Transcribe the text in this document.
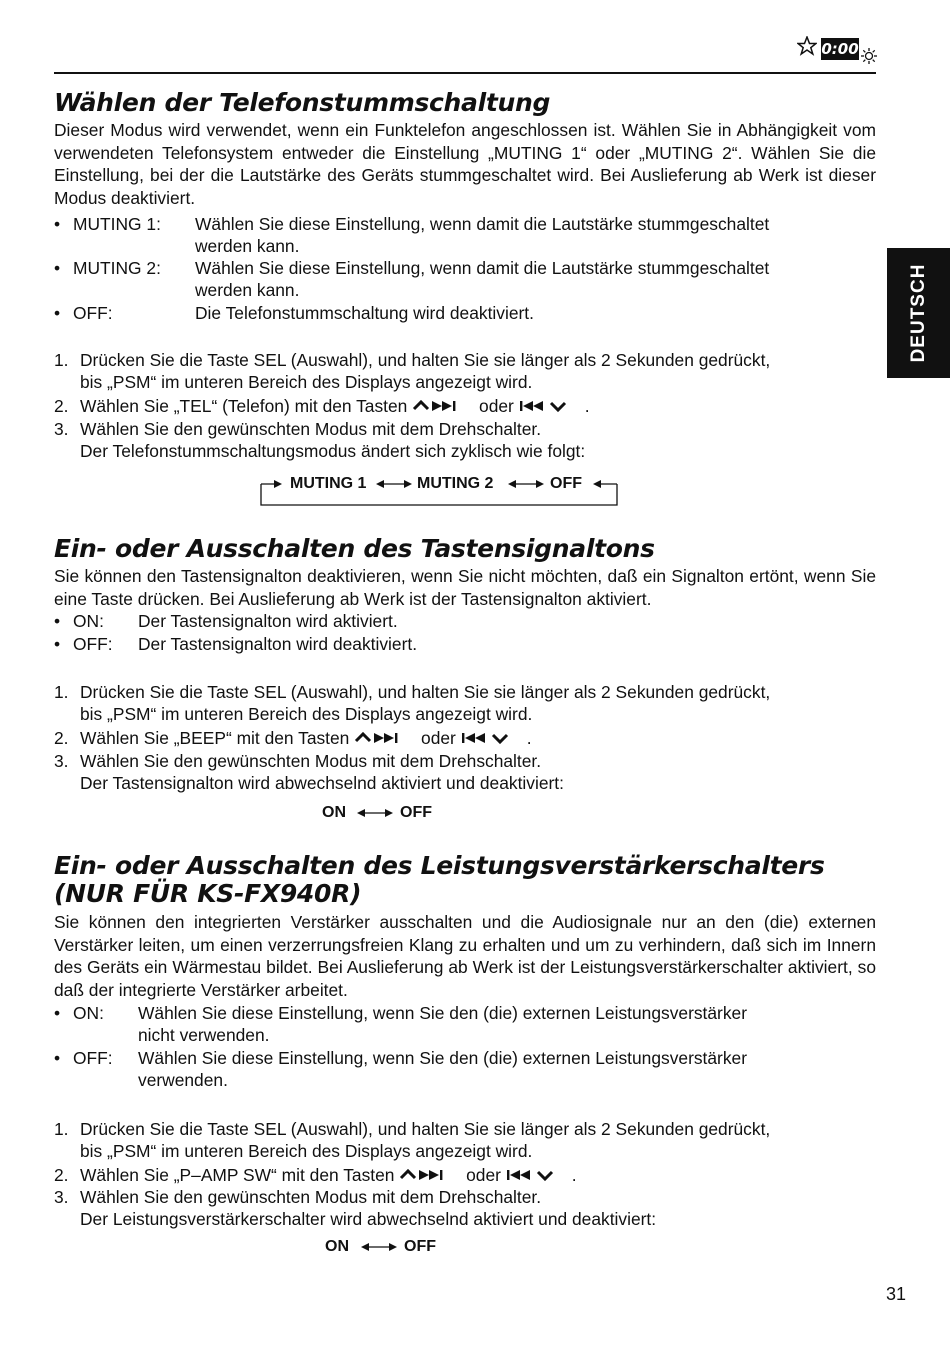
0:00
DEUTSCH
Wählen der Telefonstummschaltung

Dieser Modus wird verwendet, wenn ein Funktelefon angeschlossen ist. Wählen Sie in Abhängigkeit vom verwendeten Telefonsystem entweder die Einstellung „MUTING 1“ oder „MUTING 2“. Wählen Sie die Einstellung, bei der die Lautstärke des Geräts stummgeschaltet wird. Bei Auslieferung ab Werk ist dieser Modus deaktiviert.

• MUTING 1: Wählen Sie diese Einstellung, wenn damit die Lautstärke stummgeschaltet
werden kann.
• MUTING 2: Wählen Sie diese Einstellung, wenn damit die Lautstärke stummgeschaltet
werden kann.
• OFF:	Die Telefonstummschaltung wird deaktiviert.
1. Drücken Sie die Taste SEL (Auswahl), und halten Sie sie länger als 2 Sekunden gedrückt,
bis „PSM“ im unteren Bereich des Displays angezeigt wird.
2. Wählen Sie „TEL“ (Telefon) mit den Tasten	oder	.
3. Wählen Sie den gewünschten Modus mit dem Drehschalter.
Der Telefonstummschaltungsmodus ändert sich zyklisch wie folgt:
MUTING 1	MUTING 2	OFF
Ein- oder Ausschalten des Tastensignaltons

Sie können den Tastensignalton deaktivieren, wenn Sie nicht möchten, daß ein Signalton ertönt, wenn Sie eine Taste drücken. Bei Auslieferung ab Werk ist der Tastensignalton aktiviert.

• ON: Der Tastensignalton wird aktiviert.
• OFF: Der Tastensignalton wird deaktiviert.
1. Drücken Sie die Taste SEL (Auswahl), und halten Sie sie länger als 2 Sekunden gedrückt,
bis „PSM“ im unteren Bereich des Displays angezeigt wird.
2. Wählen Sie „BEEP“ mit den Tasten	oder	.
3. Wählen Sie den gewünschten Modus mit dem Drehschalter.
Der Tastensignalton wird abwechselnd aktiviert und deaktiviert:
ON	OFF
Ein- oder Ausschalten des Leistungsverstärkerschalters
(NUR FÜR KS-FX940R)

Sie können den integrierten Verstärker ausschalten und die Audiosignale nur an den (die) externen Verstärker leiten, um einen verzerrungsfreien Klang zu erhalten und um zu verhindern, daß sich im Innern des Geräts ein Wärmestau bildet. Bei Auslieferung ab Werk ist der Leistungsverstärkerschalter aktiviert, so daß der integrierte Verstärker arbeitet.

• ON: Wählen Sie diese Einstellung, wenn Sie den (die) externen Leistungsverstärker
nicht verwenden.
• OFF: Wählen Sie diese Einstellung, wenn Sie den (die) externen Leistungsverstärker
verwenden.
1. Drücken Sie die Taste SEL (Auswahl), und halten Sie sie länger als 2 Sekunden gedrückt,
bis „PSM“ im unteren Bereich des Displays angezeigt wird.
2. Wählen Sie „P–AMP SW“ mit den Tasten	oder	.
3. Wählen Sie den gewünschten Modus mit dem Drehschalter.
Der Leistungsverstärkerschalter wird abwechselnd aktiviert und deaktiviert:
ON	OFF
31
